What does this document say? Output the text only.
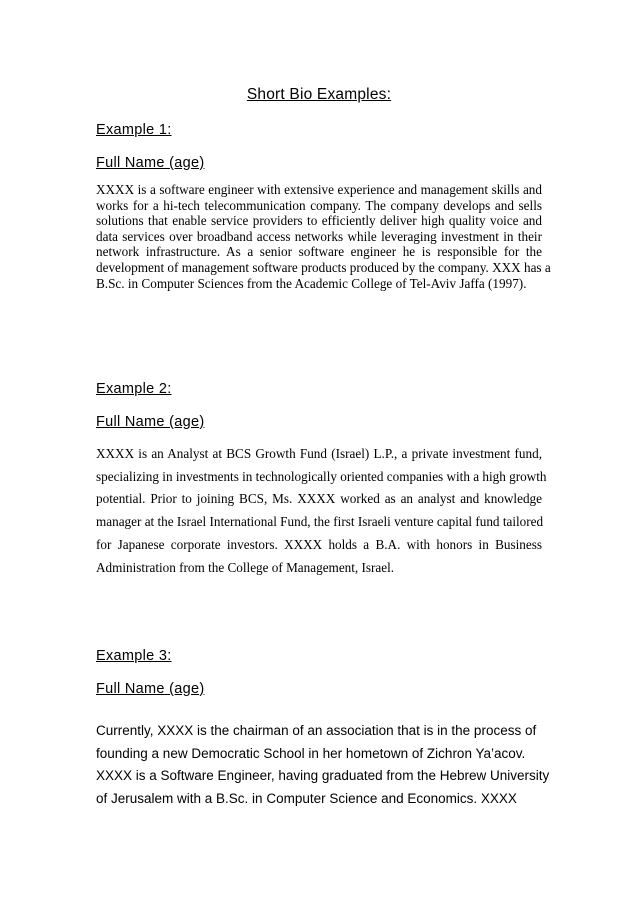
Short Bio Examples:
Example 1:
Full Name (age)
XXXX is a software engineer with extensive experience and management skills and
works for a hi-tech telecommunication company. The company develops and sells
solutions that enable service providers to efficiently deliver high quality voice and
data services over broadband access networks while leveraging investment in their
network infrastructure. As a senior software engineer he is responsible for the
development of management software products produced by the company. XXX has a
B.Sc. in Computer Sciences from the Academic College of Tel-Aviv Jaffa (1997).
Example 2:
Full Name (age)
XXXX is an Analyst at BCS Growth Fund (Israel) L.P., a private investment fund,
specializing in investments in technologically oriented companies with a high growth
potential. Prior to joining BCS, Ms. XXXX worked as an analyst and knowledge
manager at the Israel International Fund, the first Israeli venture capital fund tailored
for Japanese corporate investors. XXXX holds a B.A. with honors in Business
Administration from the College of Management, Israel.
Example 3:
Full Name (age)
Currently, XXXX is the chairman of an association that is in the process of
founding a new Democratic School in her hometown of Zichron Ya’acov.
XXXX is a Software Engineer, having graduated from the Hebrew University
of Jerusalem with a B.Sc. in Computer Science and Economics. XXXX
